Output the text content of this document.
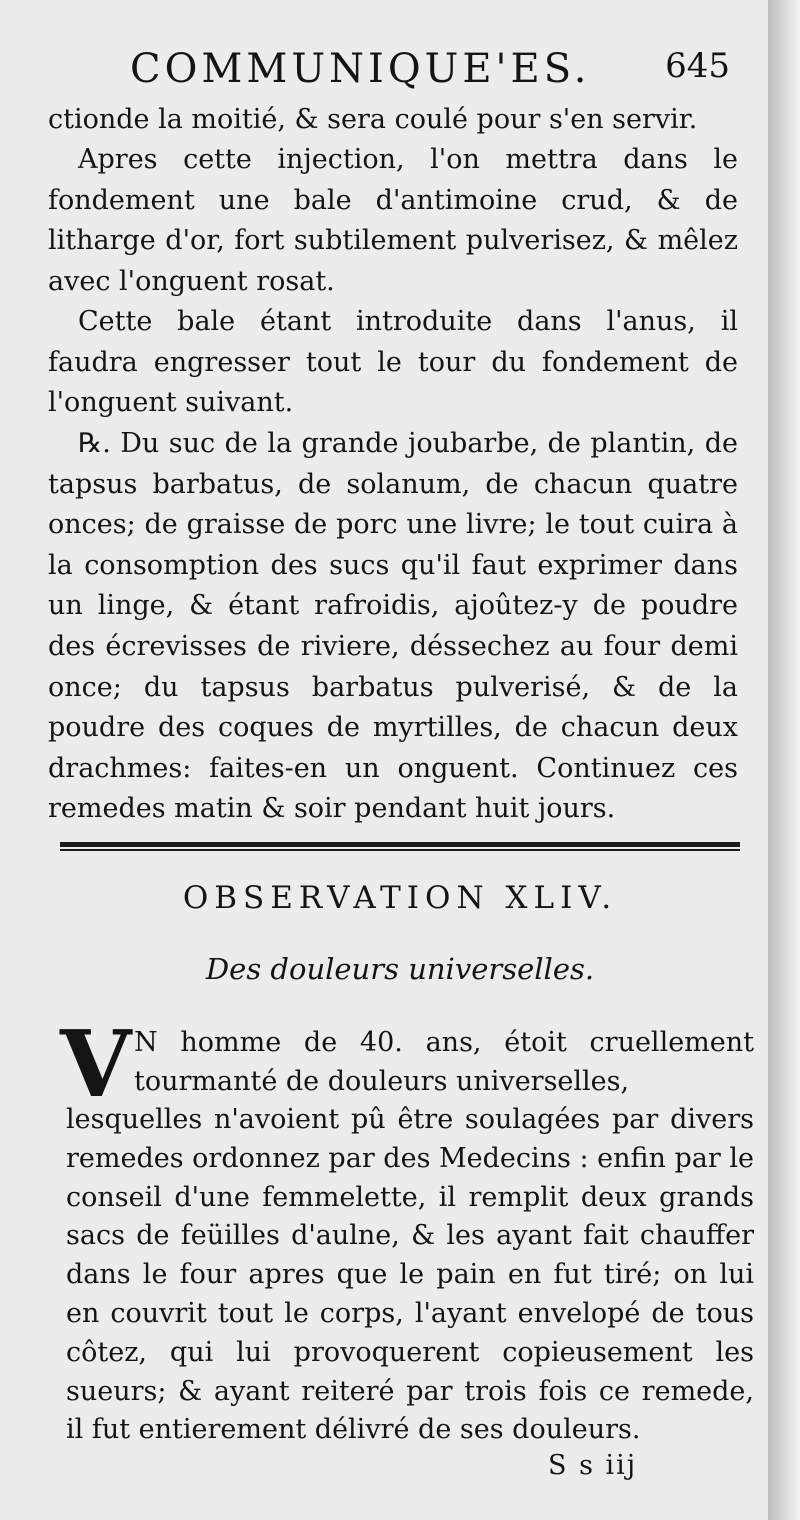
COMMUNIQUE'ES. 645

ctionde la moitié, & sera coulé pour s'en servir.

Apres cette injection, l'on mettra dans le fondement une bale d'antimoine crud, & de litharge d'or, fort subtilement pulverisez, & mêlez avec l'onguent rosat.

Cette bale étant introduite dans l'anus, il faudra engresser tout le tour du fondement de l'onguent suivant.

℞. Du suc de la grande joubarbe, de plantin, de tapsus barbatus, de solanum, de chacun quatre onces; de graisse de porc une livre; le tout cuira à la consomption des sucs qu'il faut exprimer dans un linge, & étant rafroidis, ajoûtez-y de poudre des écrevisses de riviere, déssechez au four demi once; du tapsus barbatus pulverisé, & de la poudre des coques de myrtilles, de chacun deux drachmes: faites-en un onguent. Continuez ces remedes matin & soir pendant huit jours.

OBSERVATION XLIV.
Des douleurs universelles.
V N homme de 40. ans, étoit cruellement tourmanté de douleurs universelles,

lesquelles n'avoient pû être soulagées par divers remedes ordonnez par des Medecins : enfin par le conseil d'une femmelette, il remplit deux grands sacs de feüilles d'aulne, & les ayant fait chauffer dans le four apres que le pain en fut tiré; on lui en couvrit tout le corps, l'ayant envelopé de tous côtez, qui lui provoquerent copieusement les sueurs; & ayant reiteré par trois fois ce remede, il fut entierement délivré de ses douleurs.

S s iij
